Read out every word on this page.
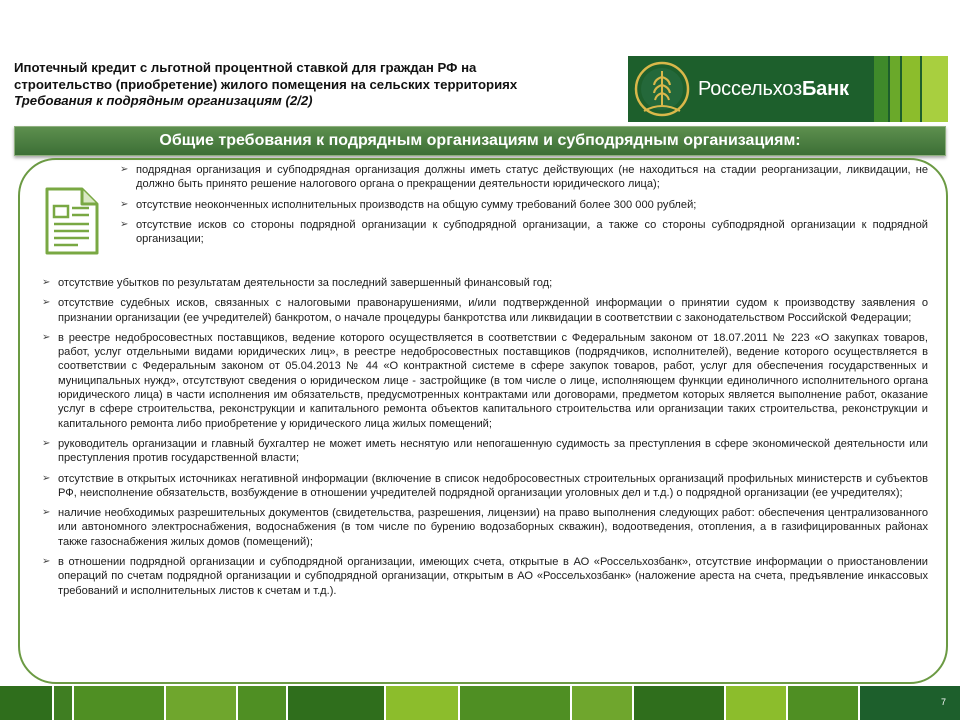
Ипотечный кредит с льготной процентной ставкой для граждан РФ на
строительство (приобретение) жилого помещения на сельских территориях
Требования к подрядным организациям (2/2)
РоссельхозБанк
Общие требования к подрядным организациям и субподрядным организациям:
➢ подрядная организация и субподрядная организация должны иметь статус действующих (не находиться на стадии реорганизации, ликвидации, не должно быть принято решение налогового органа о прекращении деятельности юридического лица);
➢ отсутствие неоконченных исполнительных производств на общую сумму требований более 300 000 рублей;
➢ отсутствие исков со стороны подрядной организации к субподрядной организации, а также со стороны субподрядной организации к подрядной организации;
➢ отсутствие убытков по результатам деятельности за последний завершенный финансовый год;
➢ отсутствие судебных исков, связанных с налоговыми правонарушениями, и/или подтвержденной информации о принятии судом к производству заявления о признании организации (ее учредителей) банкротом, о начале процедуры банкротства или ликвидации в соответствии с законодательством Российской Федерации;
➢ в реестре недобросовестных поставщиков, ведение которого осуществляется в соответствии с Федеральным законом от 18.07.2011 № 223 «О закупках товаров, работ, услуг отдельными видами юридических лиц», в реестре недобросовестных поставщиков (подрядчиков, исполнителей), ведение которого осуществляется в соответствии с Федеральным законом от 05.04.2013 № 44 «О контрактной системе в сфере закупок товаров, работ, услуг для обеспечения государственных и муниципальных нужд», отсутствуют сведения о юридическом лице - застройщике (в том числе о лице, исполняющем функции единоличного исполнительного органа юридического лица) в части исполнения им обязательств, предусмотренных контрактами или договорами, предметом которых является выполнение работ, оказание услуг в сфере строительства, реконструкции и капитального ремонта объектов капитального строительства или организации таких строительства, реконструкции и капитального ремонта либо приобретение у юридического лица жилых помещений;
➢ руководитель организации и главный бухгалтер не может иметь неснятую или непогашенную судимость за преступления в сфере экономической деятельности или преступления против государственной власти;
➢ отсутствие в открытых источниках негативной информации (включение в список недобросовестных строительных организаций профильных министерств и субъектов РФ, неисполнение обязательств, возбуждение в отношении учредителей подрядной организации уголовных дел и т.д.) о подрядной организации (ее учредителях);
➢ наличие необходимых разрешительных документов (свидетельства, разрешения, лицензии) на право выполнения следующих работ: обеспечения централизованного или автономного электроснабжения, водоснабжения (в том числе по бурению водозаборных скважин), водоотведения, отопления, а в газифицированных районах также газоснабжения жилых домов (помещений);
➢ в отношении подрядной организации и субподрядной организации, имеющих счета, открытые в АО «Россельхозбанк», отсутствие информации о приостановлении операций по счетам подрядной организации и субподрядной организации, открытым в АО «Россельхозбанк» (наложение ареста на счета, предъявление инкассовых требований и исполнительных листов к счетам и т.д.).
7
